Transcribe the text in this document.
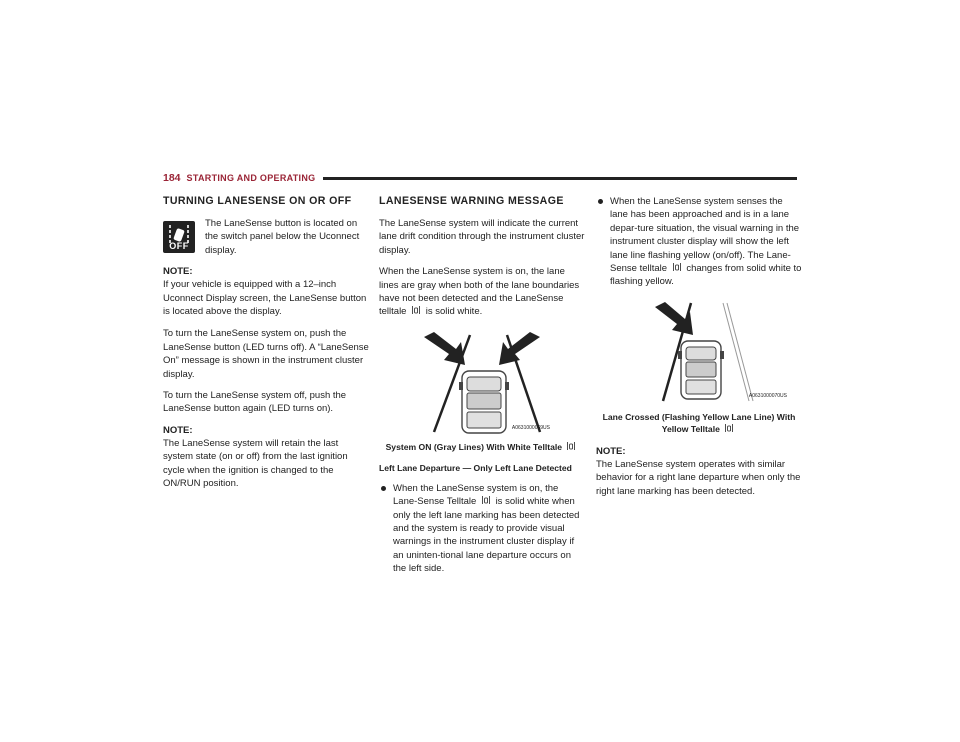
184 STARTING AND OPERATING
TURNING LANESENSE ON OR OFF
OFF
The LaneSense button is located on the switch panel below the Uconnect display.

NOTE:

If your vehicle is equipped with a 12–inch Uconnect Display screen, the LaneSense button is located above the display.

To turn the LaneSense system on, push the LaneSense button (LED turns off). A “LaneSense On” message is shown in the instrument cluster display.

To turn the LaneSense system off, push the LaneSense button again (LED turns on).

NOTE:

The LaneSense system will retain the last system state (on or off) from the last ignition cycle when the ignition is changed to the ON/RUN position.

LANESENSE WARNING MESSAGE

The LaneSense system will indicate the current lane drift condition through the instrument cluster display.

When the LaneSense system is on, the lane lines are gray when both of the lane boundaries have not been detected and the LaneSense telltale is solid white.

A0631000069US
System ON (Gray Lines) With White Telltale
Left Lane Departure — Only Left Lane Detected
When the LaneSense system is on, the Lane-Sense Telltale is solid white when only the left lane marking has been detected and the system is ready to provide visual warnings in the instrument cluster display if an uninten-tional lane departure occurs on the left side.
When the LaneSense system senses the lane has been approached and is in a lane depar-ture situation, the visual warning in the instrument cluster display will show the left lane line flashing yellow (on/off). The Lane-Sense telltale changes from solid white to flashing yellow.
A0631000070US
Lane Crossed (Flashing Yellow Lane Line) With Yellow Telltale

NOTE:

The LaneSense system operates with similar behavior for a right lane departure when only the right lane marking has been detected.
